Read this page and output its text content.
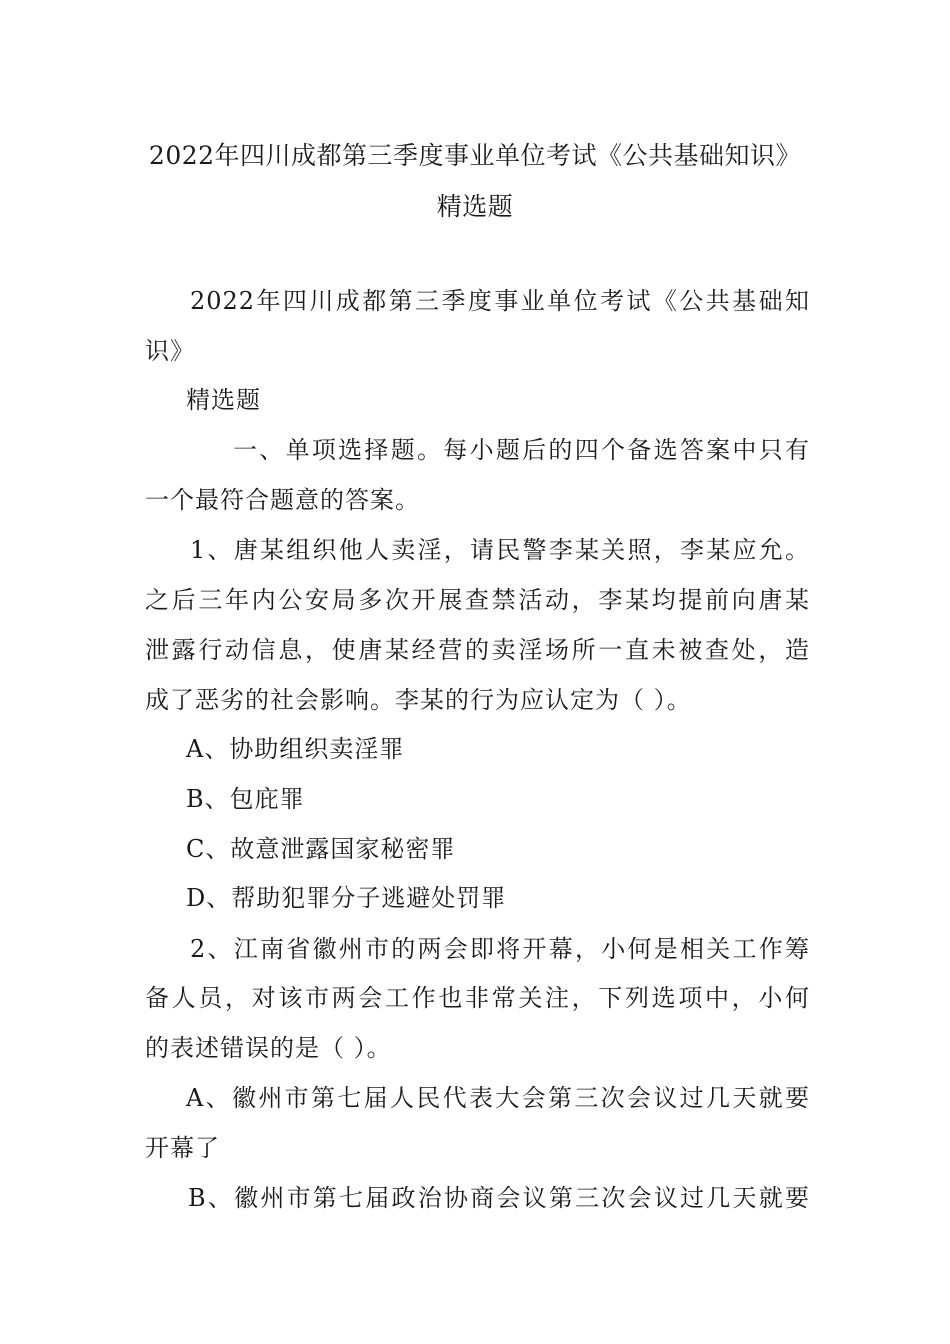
2022年四川成都第三季度事业单位考试《公共基础知识》
精选题
2022年四川成都第三季度事业单位考试《公共基础知
识》
精选题
一、单项选择题。每小题后的四个备选答案中只有
一个最符合题意的答案。
1、唐某组织他人卖淫，请民警李某关照，李某应允。
之后三年内公安局多次开展查禁活动，李某均提前向唐某
泄露行动信息，使唐某经营的卖淫场所一直未被查处，造
成了恶劣的社会影响。李某的行为应认定为（ ）。
A、协助组织卖淫罪
B、包庇罪
C、故意泄露国家秘密罪
D、帮助犯罪分子逃避处罚罪
2、江南省徽州市的两会即将开幕，小何是相关工作筹
备人员，对该市两会工作也非常关注，下列选项中，小何
的表述错误的是（ ）。
A、徽州市第七届人民代表大会第三次会议过几天就要
开幕了
B、徽州市第七届政治协商会议第三次会议过几天就要
